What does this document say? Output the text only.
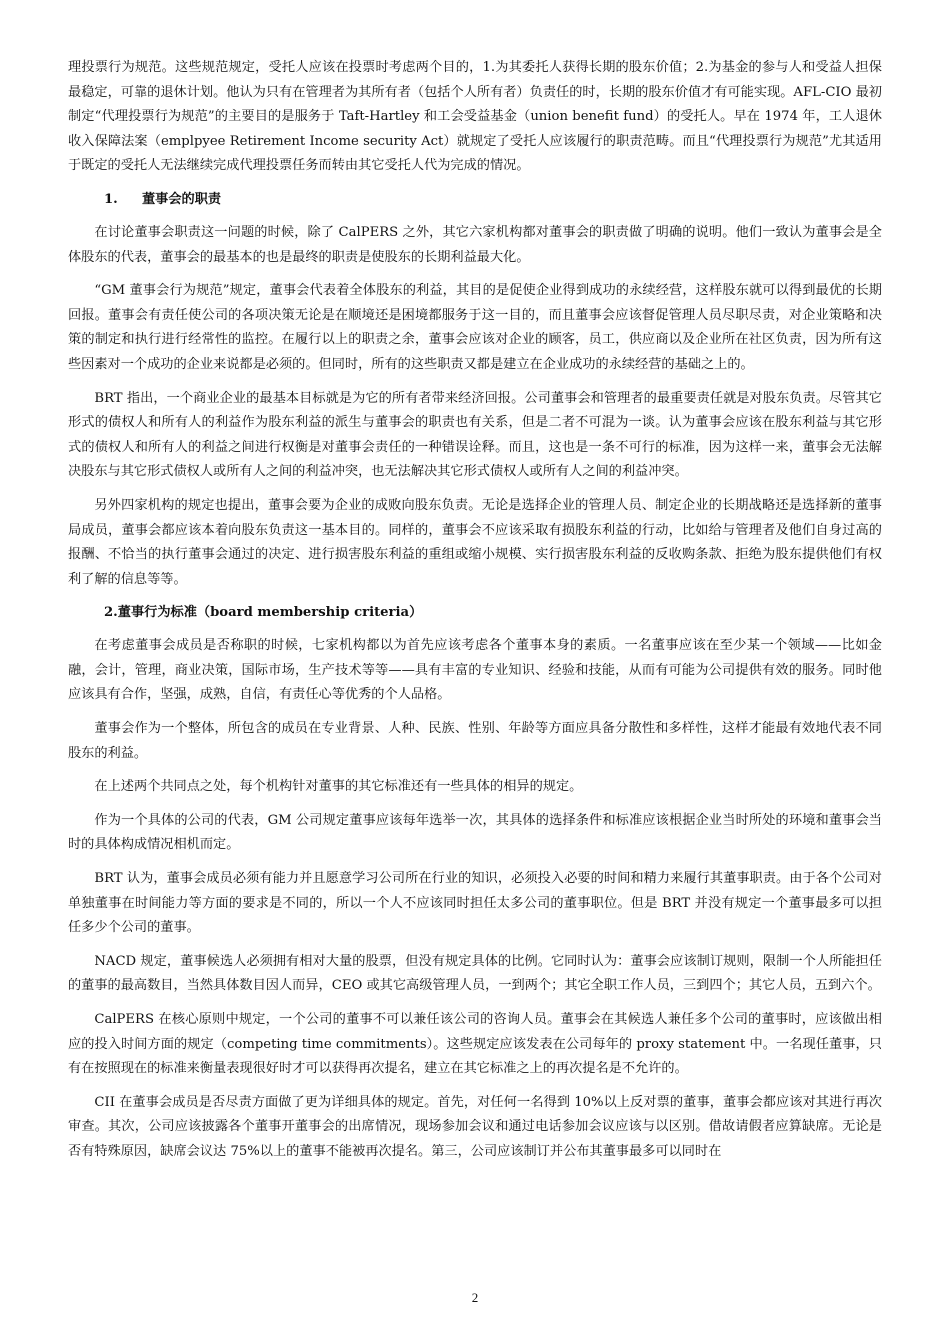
理投票行为规范。这些规范规定，受托人应该在投票时考虑两个目的，1.为其委托人获得长期的股东价值；2.为基金的参与人和受益人担保最稳定，可靠的退休计划。他认为只有在管理者为其所有者（包括个人所有者）负责任的时，长期的股东价值才有可能实现。AFL-CIO 最初制定“代理投票行为规范”的主要目的是服务于 Taft-Hartley 和工会受益基金（union benefit fund）的受托人。早在 1974 年，工人退休收入保障法案（emplpyee Retirement Income security Act）就规定了受托人应该履行的职责范畴。而且“代理投票行为规范”尤其适用于既定的受托人无法继续完成代理投票任务而转由其它受托人代为完成的情况。

1. 董事会的职责

在讨论董事会职责这一问题的时候，除了 CalPERS 之外，其它六家机构都对董事会的职责做了明确的说明。他们一致认为董事会是全体股东的代表，董事会的最基本的也是最终的职责是使股东的长期利益最大化。

“GM 董事会行为规范”规定，董事会代表着全体股东的利益，其目的是促使企业得到成功的永续经营，这样股东就可以得到最优的长期回报。董事会有责任使公司的各项决策无论是在顺境还是困境都服务于这一目的，而且董事会应该督促管理人员尽职尽责，对企业策略和决策的制定和执行进行经常性的监控。在履行以上的职责之余，董事会应该对企业的顾客，员工，供应商以及企业所在社区负责，因为所有这些因素对一个成功的企业来说都是必须的。但同时，所有的这些职责又都是建立在企业成功的永续经营的基础之上的。

BRT 指出，一个商业企业的最基本目标就是为它的所有者带来经济回报。公司董事会和管理者的最重要责任就是对股东负责。尽管其它形式的债权人和所有人的利益作为股东利益的派生与董事会的职责也有关系，但是二者不可混为一谈。认为董事会应该在股东利益与其它形式的债权人和所有人的利益之间进行权衡是对董事会责任的一种错误诠释。而且，这也是一条不可行的标准，因为这样一来，董事会无法解决股东与其它形式债权人或所有人之间的利益冲突，也无法解决其它形式债权人或所有人之间的利益冲突。

另外四家机构的规定也提出，董事会要为企业的成败向股东负责。无论是选择企业的管理人员、制定企业的长期战略还是选择新的董事局成员，董事会都应该本着向股东负责这一基本目的。同样的，董事会不应该采取有损股东利益的行动，比如给与管理者及他们自身过高的报酬、不恰当的执行董事会通过的决定、进行损害股东利益的重组或缩小规模、实行损害股东利益的反收购条款、拒绝为股东提供他们有权利了解的信息等等。

2.董事行为标准（board membership criteria）

在考虑董事会成员是否称职的时候，七家机构都以为首先应该考虑各个董事本身的素质。一名董事应该在至少某一个领域——比如金融，会计，管理，商业决策，国际市场，生产技术等等——具有丰富的专业知识、经验和技能，从而有可能为公司提供有效的服务。同时他应该具有合作，坚强，成熟，自信，有责任心等优秀的个人品格。

董事会作为一个整体，所包含的成员在专业背景、人种、民族、性别、年龄等方面应具备分散性和多样性，这样才能最有效地代表不同股东的利益。

在上述两个共同点之处，每个机构针对董事的其它标准还有一些具体的相异的规定。

作为一个具体的公司的代表，GM 公司规定董事应该每年选举一次，其具体的选择条件和标准应该根据企业当时所处的环境和董事会当时的具体构成情况相机而定。

BRT 认为，董事会成员必须有能力并且愿意学习公司所在行业的知识，必须投入必要的时间和精力来履行其董事职责。由于各个公司对单独董事在时间能力等方面的要求是不同的，所以一个人不应该同时担任太多公司的董事职位。但是 BRT 并没有规定一个董事最多可以担任多少个公司的董事。

NACD 规定，董事候选人必须拥有相对大量的股票，但没有规定具体的比例。它同时认为：董事会应该制订规则，限制一个人所能担任的董事的最高数目，当然具体数目因人而异，CEO 或其它高级管理人员，一到两个；其它全职工作人员，三到四个；其它人员，五到六个。

CalPERS 在核心原则中规定，一个公司的董事不可以兼任该公司的咨询人员。董事会在其候选人兼任多个公司的董事时，应该做出相应的投入时间方面的规定（competing time commitments）。这些规定应该发表在公司每年的 proxy statement 中。一名现任董事，只有在按照现在的标准来衡量表现很好时才可以获得再次提名，建立在其它标准之上的再次提名是不允许的。

CII 在董事会成员是否尽责方面做了更为详细具体的规定。首先，对任何一名得到 10%以上反对票的董事，董事会都应该对其进行再次审查。其次，公司应该披露各个董事开董事会的出席情况，现场参加会议和通过电话参加会议应该与以区别。借故请假者应算缺席。无论是否有特殊原因，缺席会议达 75%以上的董事不能被再次提名。第三，公司应该制订并公布其董事最多可以同时在

2
